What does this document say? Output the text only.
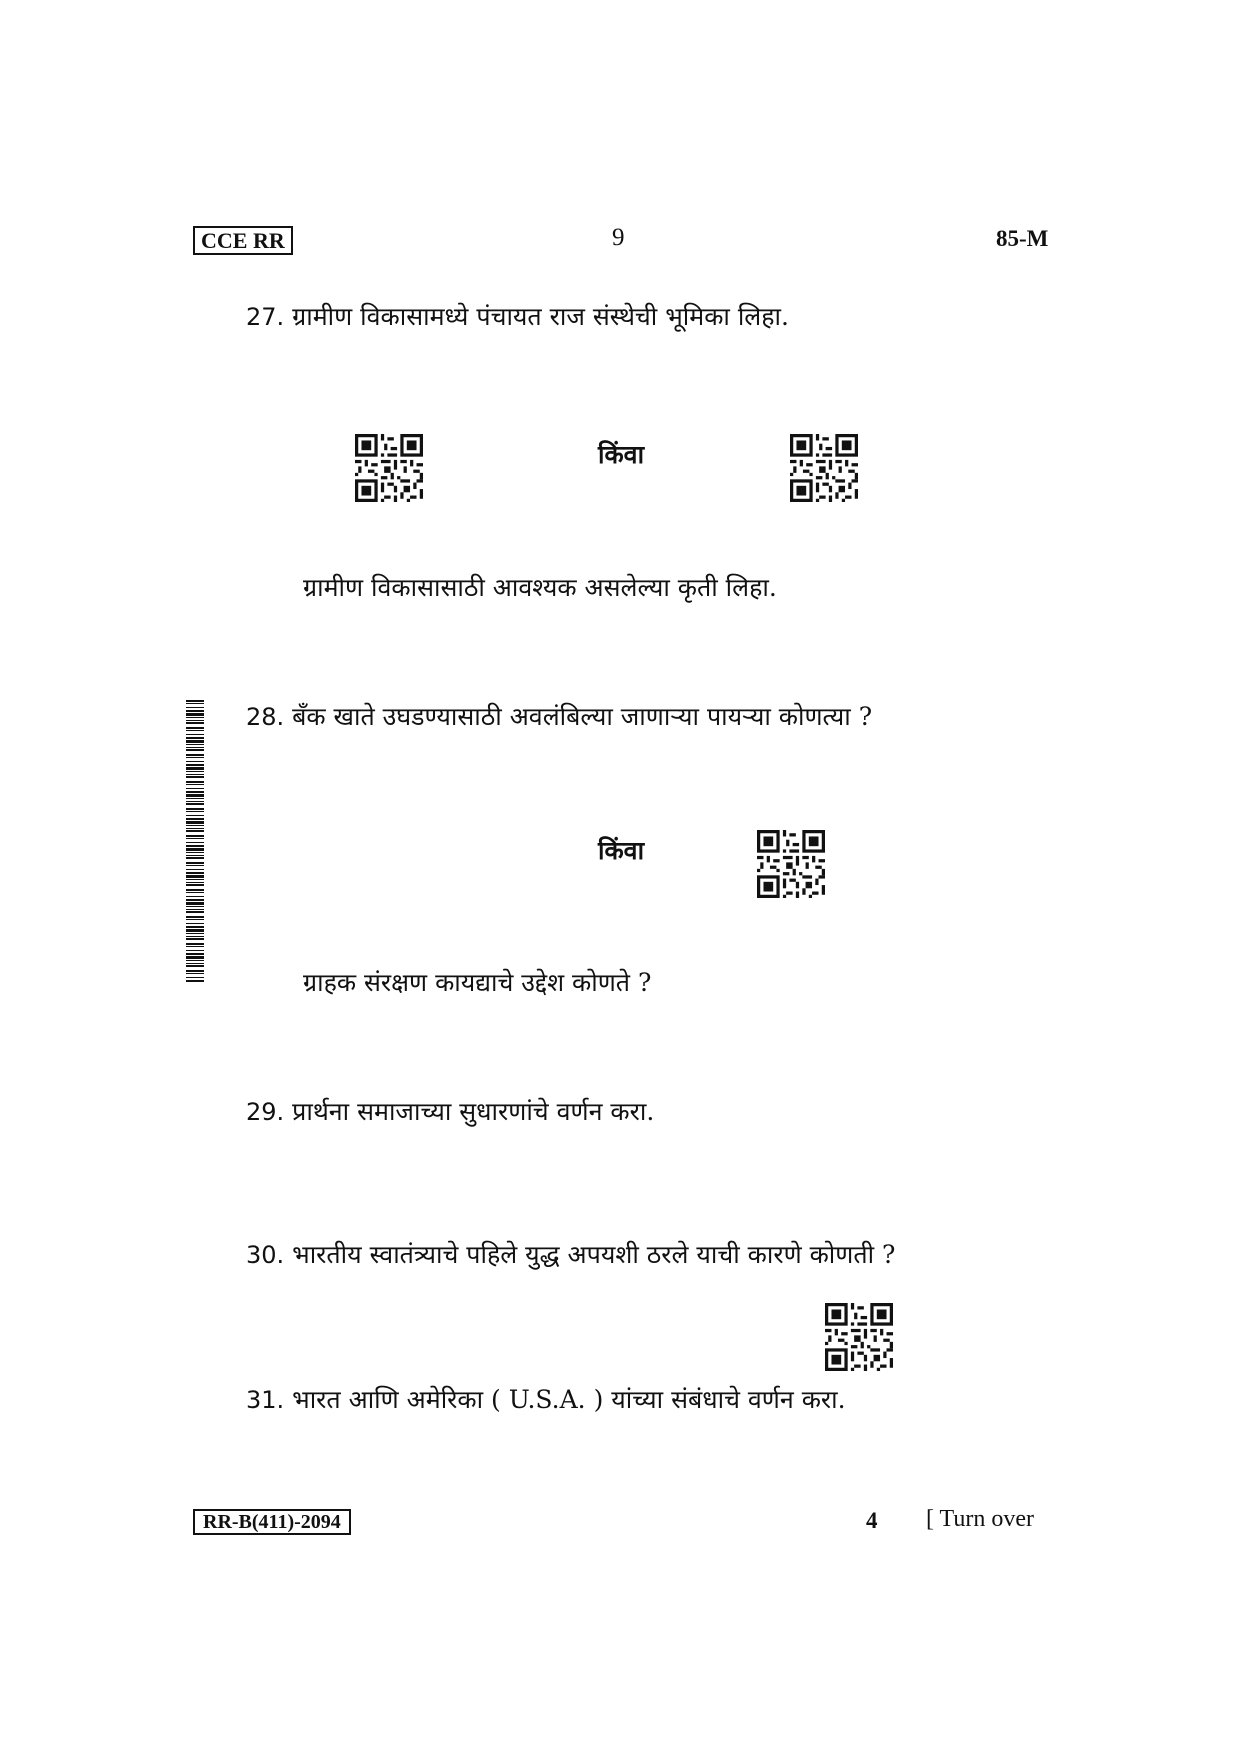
CCE RR	9	85-M
27. ग्रामीण विकासामध्ये पंचायत राज संस्थेची भूमिका लिहा.
किंवा
ग्रामीण विकासासाठी आवश्यक असलेल्या कृती लिहा.
28. बँक खाते उघडण्यासाठी अवलंबिल्या जाणाऱ्या पायऱ्या कोणत्या ?
किंवा
ग्राहक संरक्षण कायद्याचे उद्देश कोणते ?
29. प्रार्थना समाजाच्या सुधारणांचे वर्णन करा.
30. भारतीय स्वातंत्र्याचे पहिले युद्ध अपयशी ठरले याची कारणे कोणती ?
31. भारत आणि अमेरिका ( U.S.A. ) यांच्या संबंधाचे वर्णन करा.
RR-B(411)-2094	4 [ Turn over
